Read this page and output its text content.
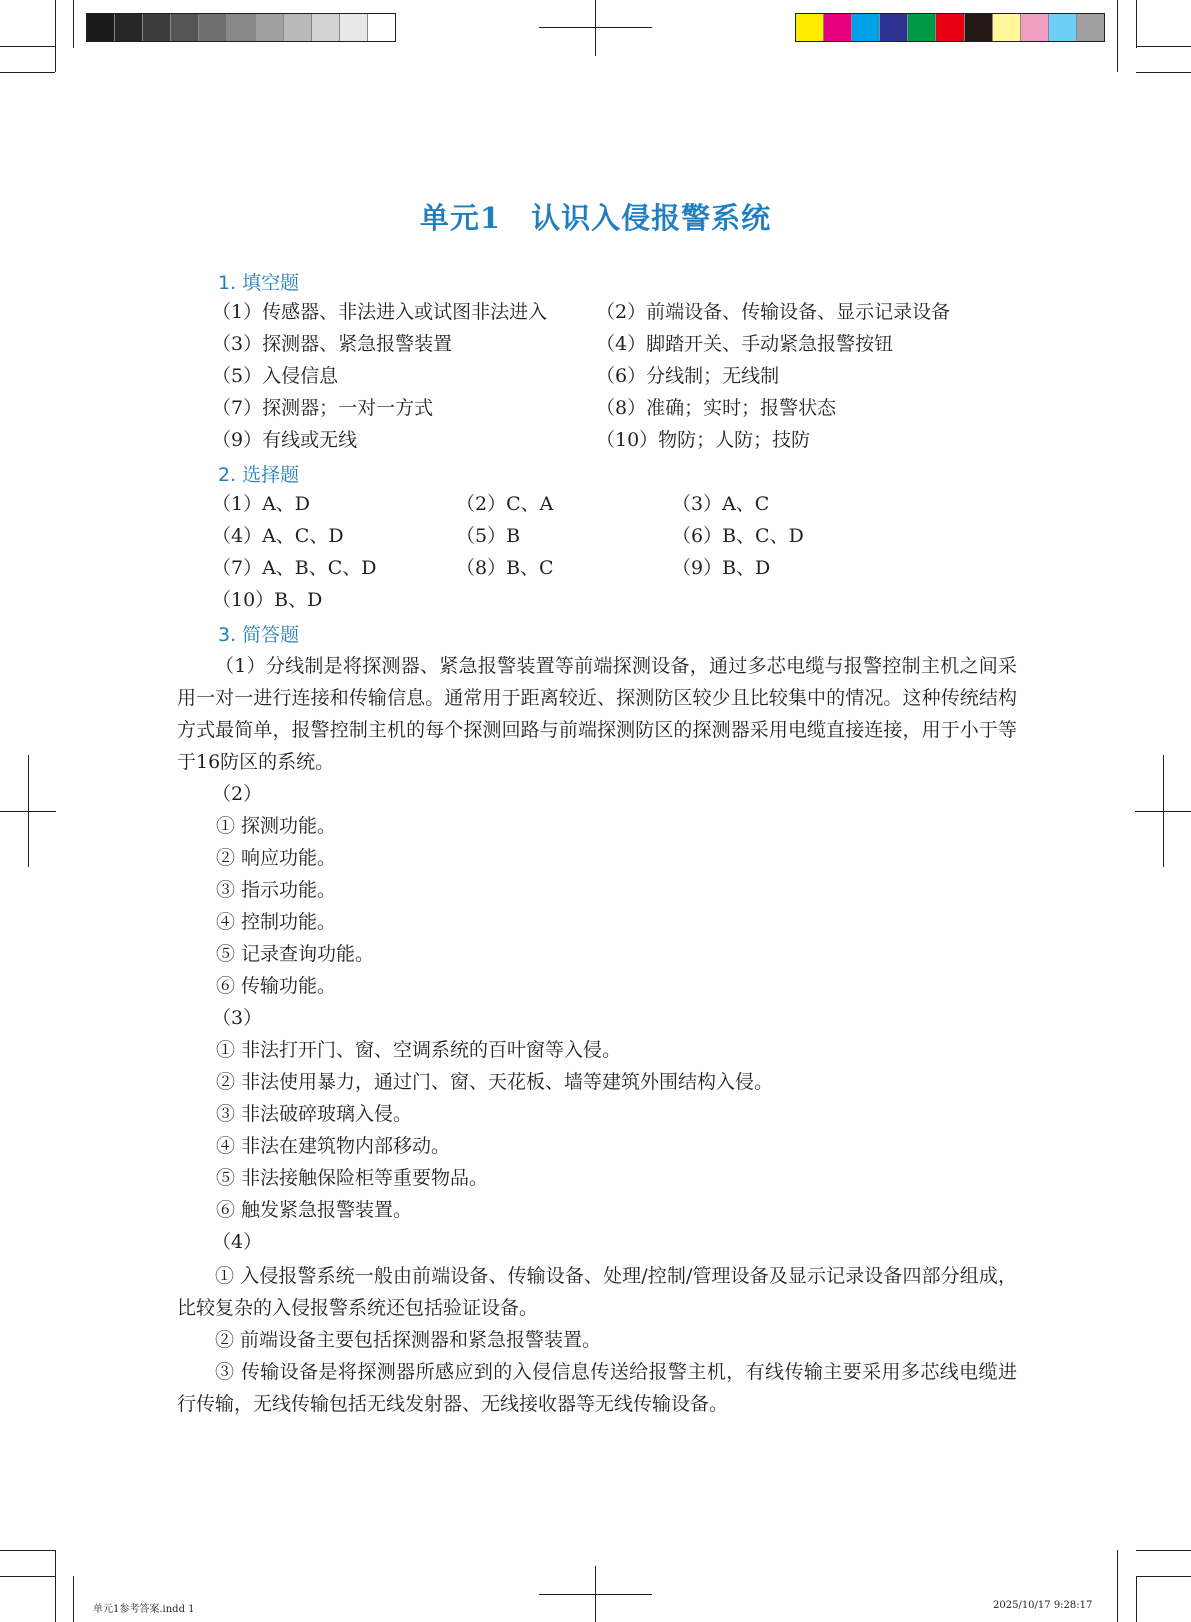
单元1 认识入侵报警系统
1. 填空题
（1）传感器、非法进入或试图非法进入	（2）前端设备、传输设备、显示记录设备
（3）探测器、紧急报警装置	（4）脚踏开关、手动紧急报警按钮
（5）入侵信息	（6）分线制；无线制
（7）探测器；一对一方式	（8）准确；实时；报警状态
（9）有线或无线	（10）物防；人防；技防
2. 选择题
（1）A、D	（2）C、A	（3）A、C
（4）A、C、D	（5）B	（6）B、C、D
（7）A、B、C、D	（8）B、C	（9）B、D
（10）B、D
3. 简答题

（1）分线制是将探测器、紧急报警装置等前端探测设备，通过多芯电缆与报警控制主机之间采用一对一进行连接和传输信息。通常用于距离较近、探测防区较少且比较集中的情况。这种传统结构方式最简单，报警控制主机的每个探测回路与前端探测防区的探测器采用电缆直接连接，用于小于等于16防区的系统。

（2）
① 探测功能。
② 响应功能。
③ 指示功能。
④ 控制功能。
⑤ 记录查询功能。
⑥ 传输功能。
（3）
① 非法打开门、窗、空调系统的百叶窗等入侵。
② 非法使用暴力，通过门、窗、天花板、墙等建筑外围结构入侵。
③ 非法破碎玻璃入侵。
④ 非法在建筑物内部移动。
⑤ 非法接触保险柜等重要物品。
⑥ 触发紧急报警装置。
（4）

① 入侵报警系统一般由前端设备、传输设备、处理/控制/管理设备及显示记录设备四部分组成，比较复杂的入侵报警系统还包括验证设备。

② 前端设备主要包括探测器和紧急报警装置。

③ 传输设备是将探测器所感应到的入侵信息传送给报警主机，有线传输主要采用多芯线电缆进行传输，无线传输包括无线发射器、无线接收器等无线传输设备。

单元1参考答案.indd 1	2025/10/17 9:28:17
